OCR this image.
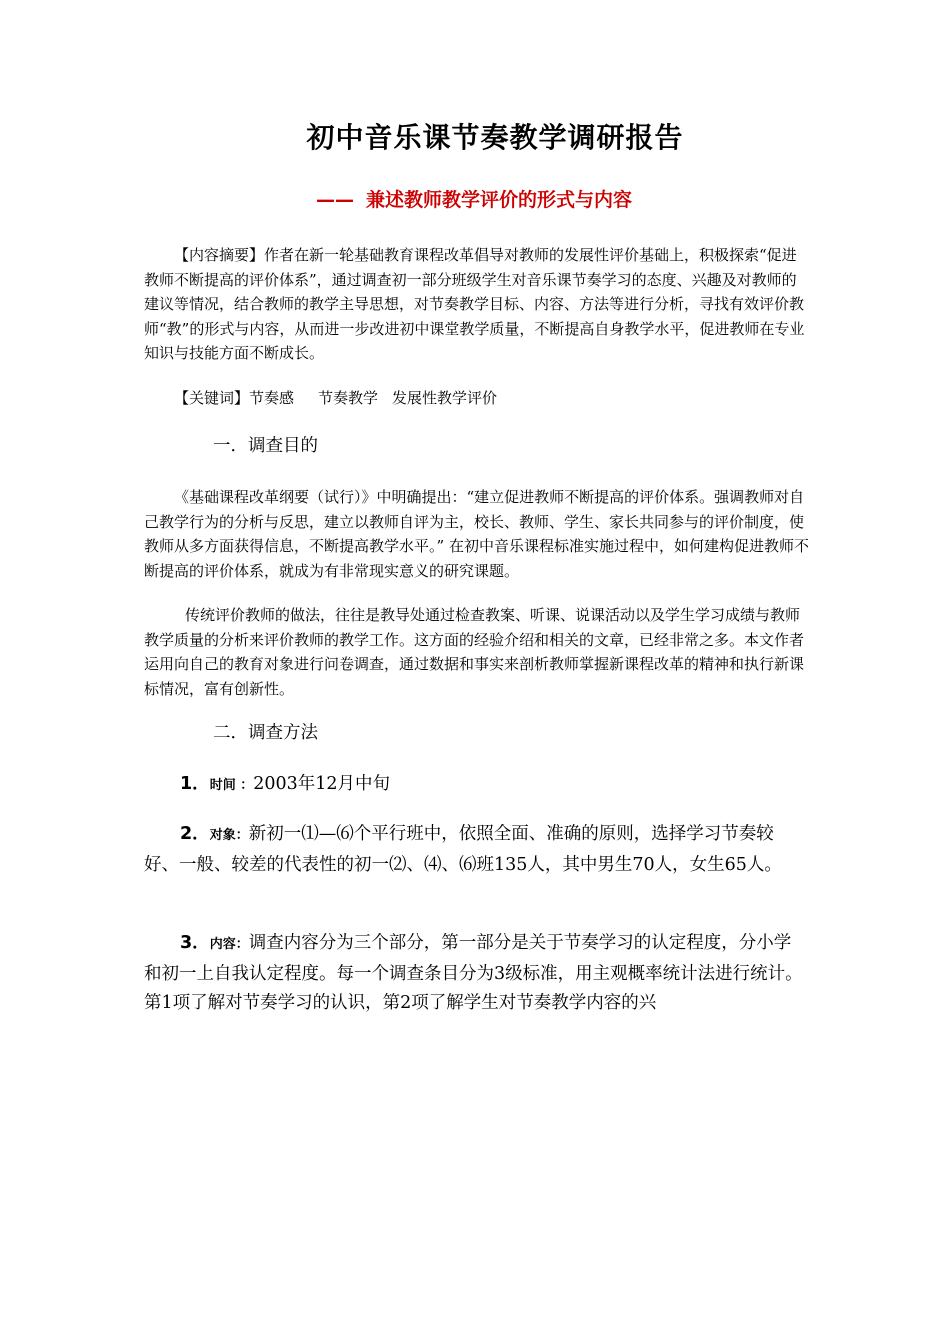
初中音乐课节奏教学调研报告
—— 兼述教师教学评价的形式与内容

【内容摘要】作者在新一轮基础教育课程改革倡导对教师的发展性评价基础上，积极探索“促进教师不断提高的评价体系”，通过调查初一部分班级学生对音乐课节奏学习的态度、兴趣及对教师的建议等情况，结合教师的教学主导思想，对节奏教学目标、内容、方法等进行分析，寻找有效评价教师“教”的形式与内容，从而进一步改进初中课堂教学质量，不断提高自身教学水平，促进教师在专业知识与技能方面不断成长。

【关键词】节奏感 节奏教学 发展性教学评价

一．调查目的

《基础课程改革纲要（试行）》中明确提出：“建立促进教师不断提高的评价体系。强调教师对自己教学行为的分析与反思，建立以教师自评为主，校长、教师、学生、家长共同参与的评价制度，使教师从多方面获得信息，不断提高教学水平。” 在初中音乐课程标准实施过程中，如何建构促进教师不断提高的评价体系，就成为有非常现实意义的研究课题。

传统评价教师的做法，往往是教导处通过检查教案、听课、说课活动以及学生学习成绩与教师教学质量的分析来评价教师的教学工作。这方面的经验介绍和相关的文章，已经非常之多。本文作者运用向自己的教育对象进行问卷调查，通过数据和事实来剖析教师掌握新课程改革的精神和执行新课标情况，富有创新性。

二．调查方法

1．时间 ：2003年12月中旬

2．对象：新初一⑴—⑹个平行班中，依照全面、准确的原则，选择学习节奏较好、一般、较差的代表性的初一⑵、⑷、⑹班135人，其中男生70人，女生65人。

3．内容：调查内容分为三个部分，第一部分是关于节奏学习的认定程度，分小学和初一上自我认定程度。每一个调查条目分为3级标准，用主观概率统计法进行统计。第1项了解对节奏学习的认识，第2项了解学生对节奏教学内容的兴
